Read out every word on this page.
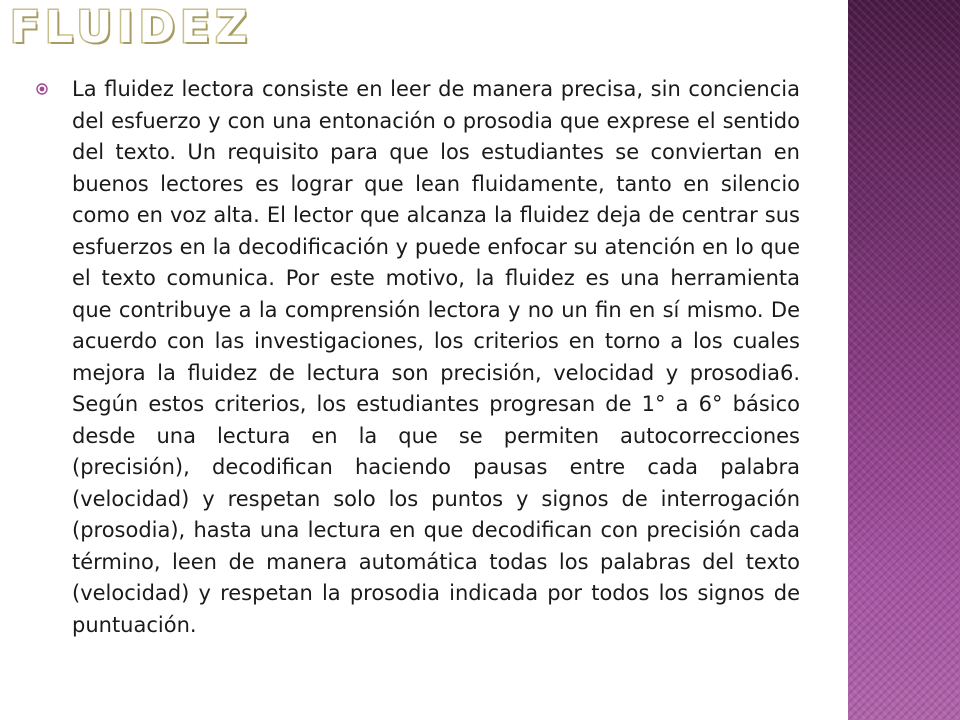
FLUIDEZ

La fluidez lectora consiste en leer de manera precisa, sin conciencia del esfuerzo y con una entonación o prosodia que exprese el sentido del texto. Un requisito para que los estudiantes se conviertan en buenos lectores es lograr que lean fluidamente, tanto en silencio como en voz alta. El lector que alcanza la fluidez deja de centrar sus esfuerzos en la decodificación y puede enfocar su atención en lo que el texto comunica. Por este motivo, la fluidez es una herramienta que contribuye a la comprensión lectora y no un fin en sí mismo. De acuerdo con las investigaciones, los criterios en torno a los cuales mejora la fluidez de lectura son precisión, velocidad y prosodia6. Según estos criterios, los estudiantes progresan de 1° a 6° básico desde una lectura en la que se permiten autocorrecciones (precisión), decodifican haciendo pausas entre cada palabra (velocidad) y respetan solo los puntos y signos de interrogación (prosodia), hasta una lectura en que decodifican con precisión cada término, leen de manera automática todas los palabras del texto (velocidad) y respetan la prosodia indicada por todos los signos de puntuación.
